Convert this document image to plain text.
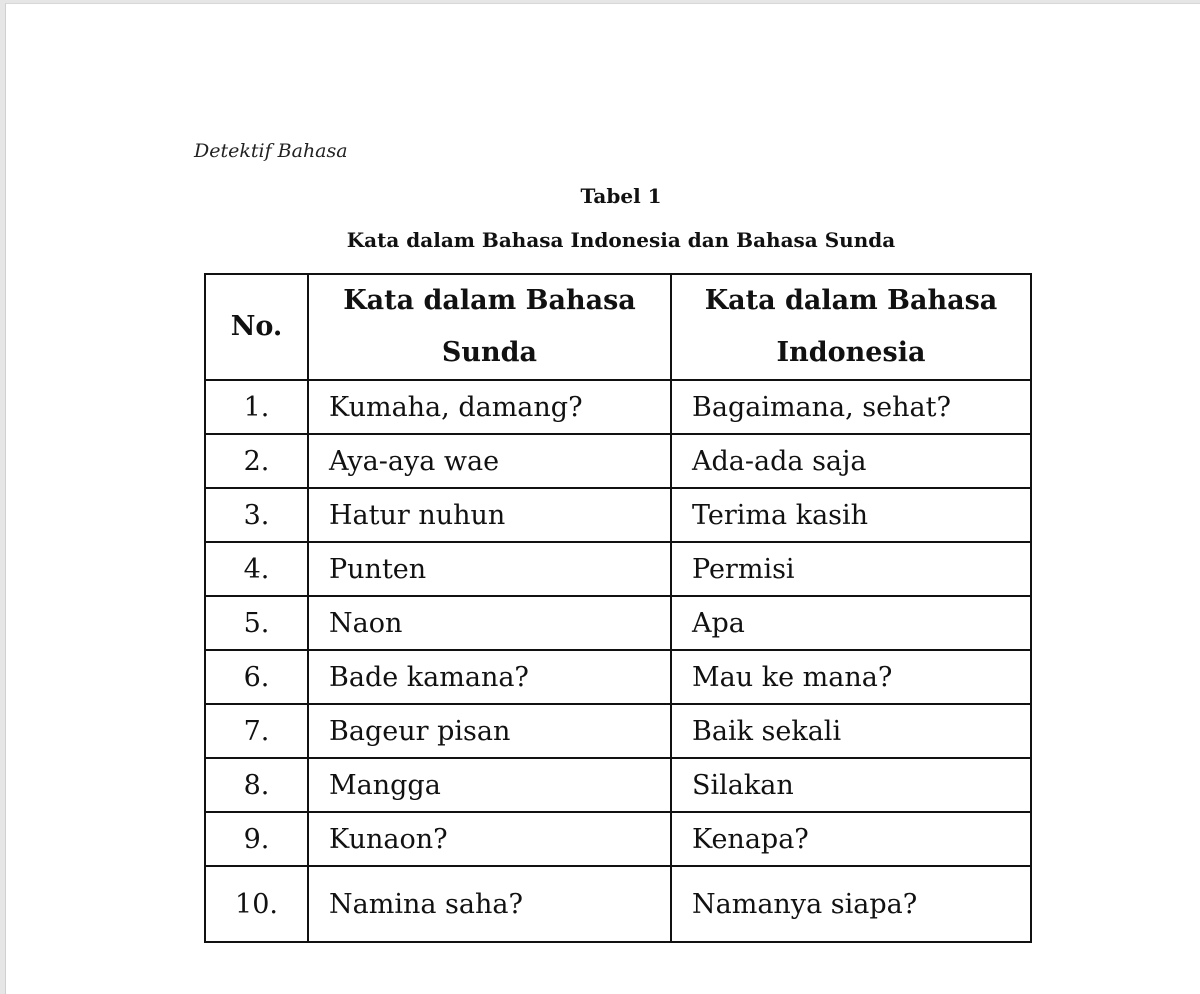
Detektif Bahasa
Tabel 1
Kata dalam Bahasa Indonesia dan Bahasa Sunda
No.	Kata dalam Bahasa Sunda	Kata dalam Bahasa Indonesia
1.	Kumaha, damang?	Bagaimana, sehat?
2.	Aya-aya wae	Ada-ada saja
3.	Hatur nuhun	Terima kasih
4.	Punten	Permisi
5.	Naon	Apa
6.	Bade kamana?	Mau ke mana?
7.	Bageur pisan	Baik sekali
8.	Mangga	Silakan
9.	Kunaon?	Kenapa?
10.	Namina saha?	Namanya siapa?
